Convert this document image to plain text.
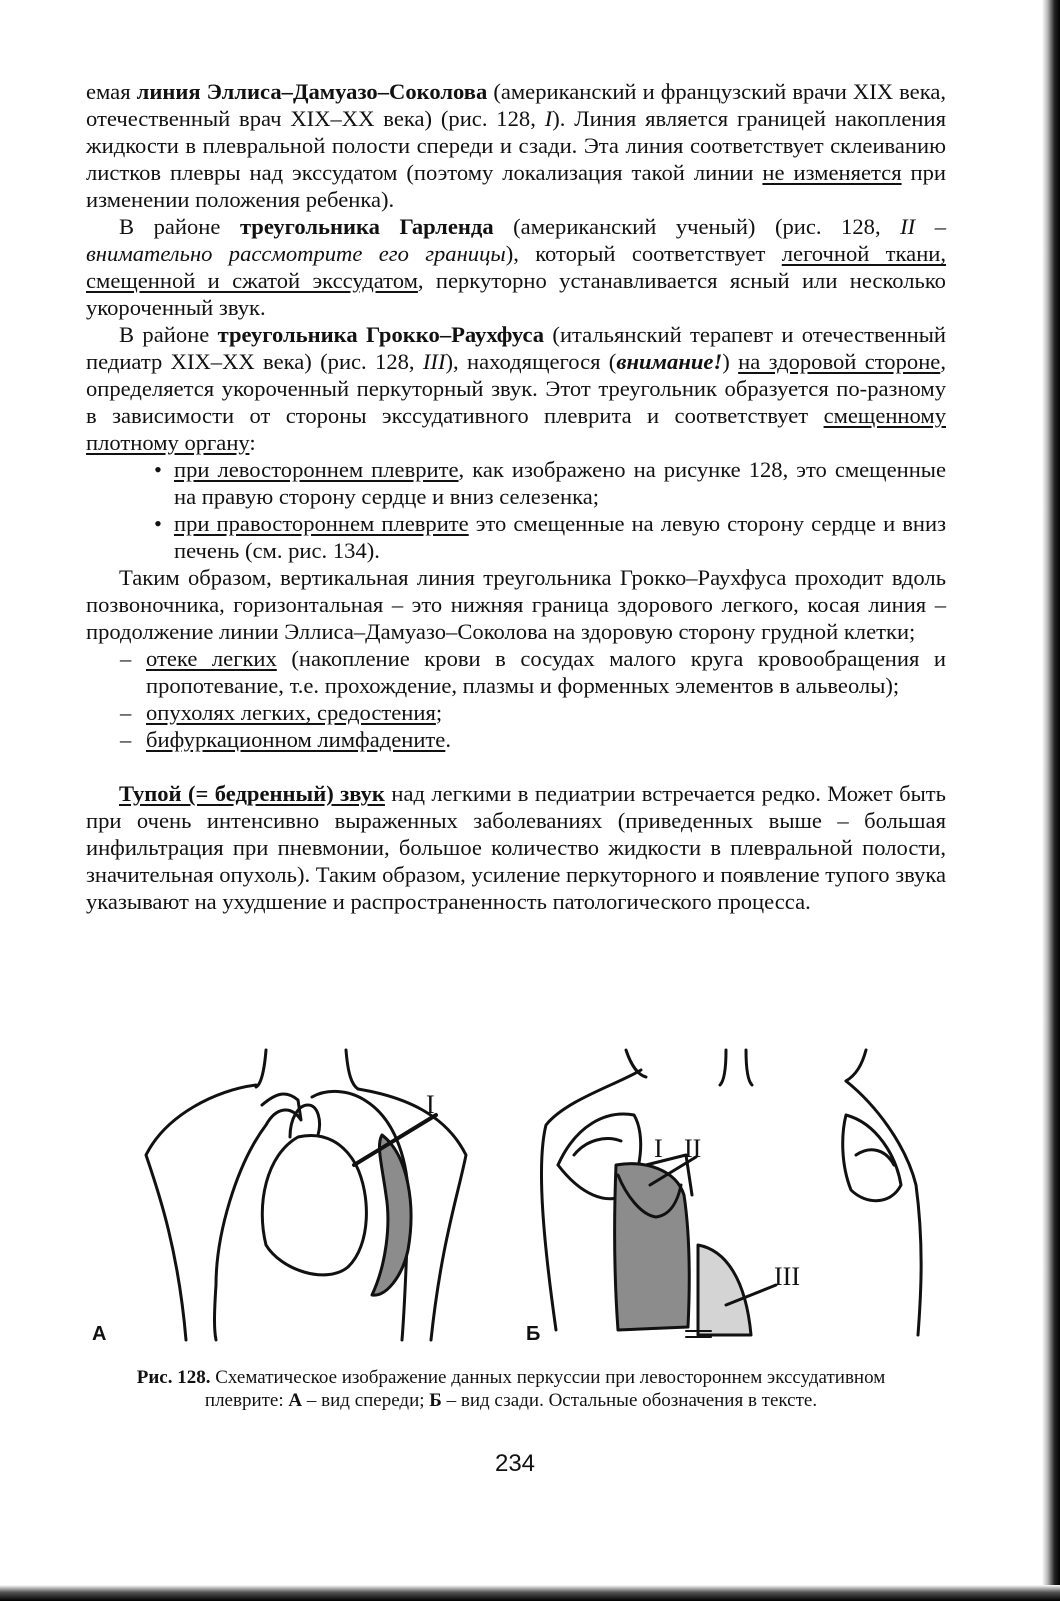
емая линия Эллиса–Дамуазо–Соколова (американский и французский врачи XIX века, отечественный врач XIX–XX века) (рис. 128, I). Линия является границей накопления жидкости в плевральной полости спереди и сзади. Эта линия соответствует склеиванию листков плевры над экссудатом (поэтому локализация такой линии не изменяется при изменении положения ребенка).

В районе треугольника Гарленда (американский ученый) (рис. 128, II – внимательно рассмотрите его границы), который соответствует легочной ткани, смещенной и сжатой экссудатом, перкуторно устанавливается ясный или несколько укороченный звук.

В районе треугольника Грокко–Раухфуса (итальянский терапевт и отечественный педиатр XIX–XX века) (рис. 128, III), находящегося (внимание!) на здоровой стороне, определяется укороченный перкуторный звук. Этот треугольник образуется по-разному в зависимости от стороны экссудативного плеврита и соответствует смещенному плотному органу:

• при левостороннем плеврите, как изображено на рисунке 128, это смещенные на правую сторону сердце и вниз селезенка;
• при правостороннем плеврите это смещенные на левую сторону сердце и вниз печень (см. рис. 134).

Таким образом, вертикальная линия треугольника Грокко–Раухфуса проходит вдоль позвоночника, горизонтальная – это нижняя граница здорового легкого, косая линия – продолжение линии Эллиса–Дамуазо–Соколова на здоровую сторону грудной клетки;

– отеке легких (накопление крови в сосудах малого круга кровообращения и пропотевание, т.е. прохождение, плазмы и форменных элементов в альвеолы);
– опухолях легких, средостения;
– бифуркационном лимфадените.

Тупой (= бедренный) звук над легкими в педиатрии встречается редко. Может быть при очень интенсивно выраженных заболеваниях (приведенных выше – большая инфильтрация при пневмонии, большое количество жидкости в плевральной полости, значительная опухоль). Таким образом, усиление перкуторного и появление тупого звука указывают на ухудшение и распространенность патологического процесса.

I
А
I II
III
Б
Рис. 128. Схематическое изображение данных перкуссии при левостороннем экссудативном плеврите: А – вид спереди; Б – вид сзади. Остальные обозначения в тексте.
234
